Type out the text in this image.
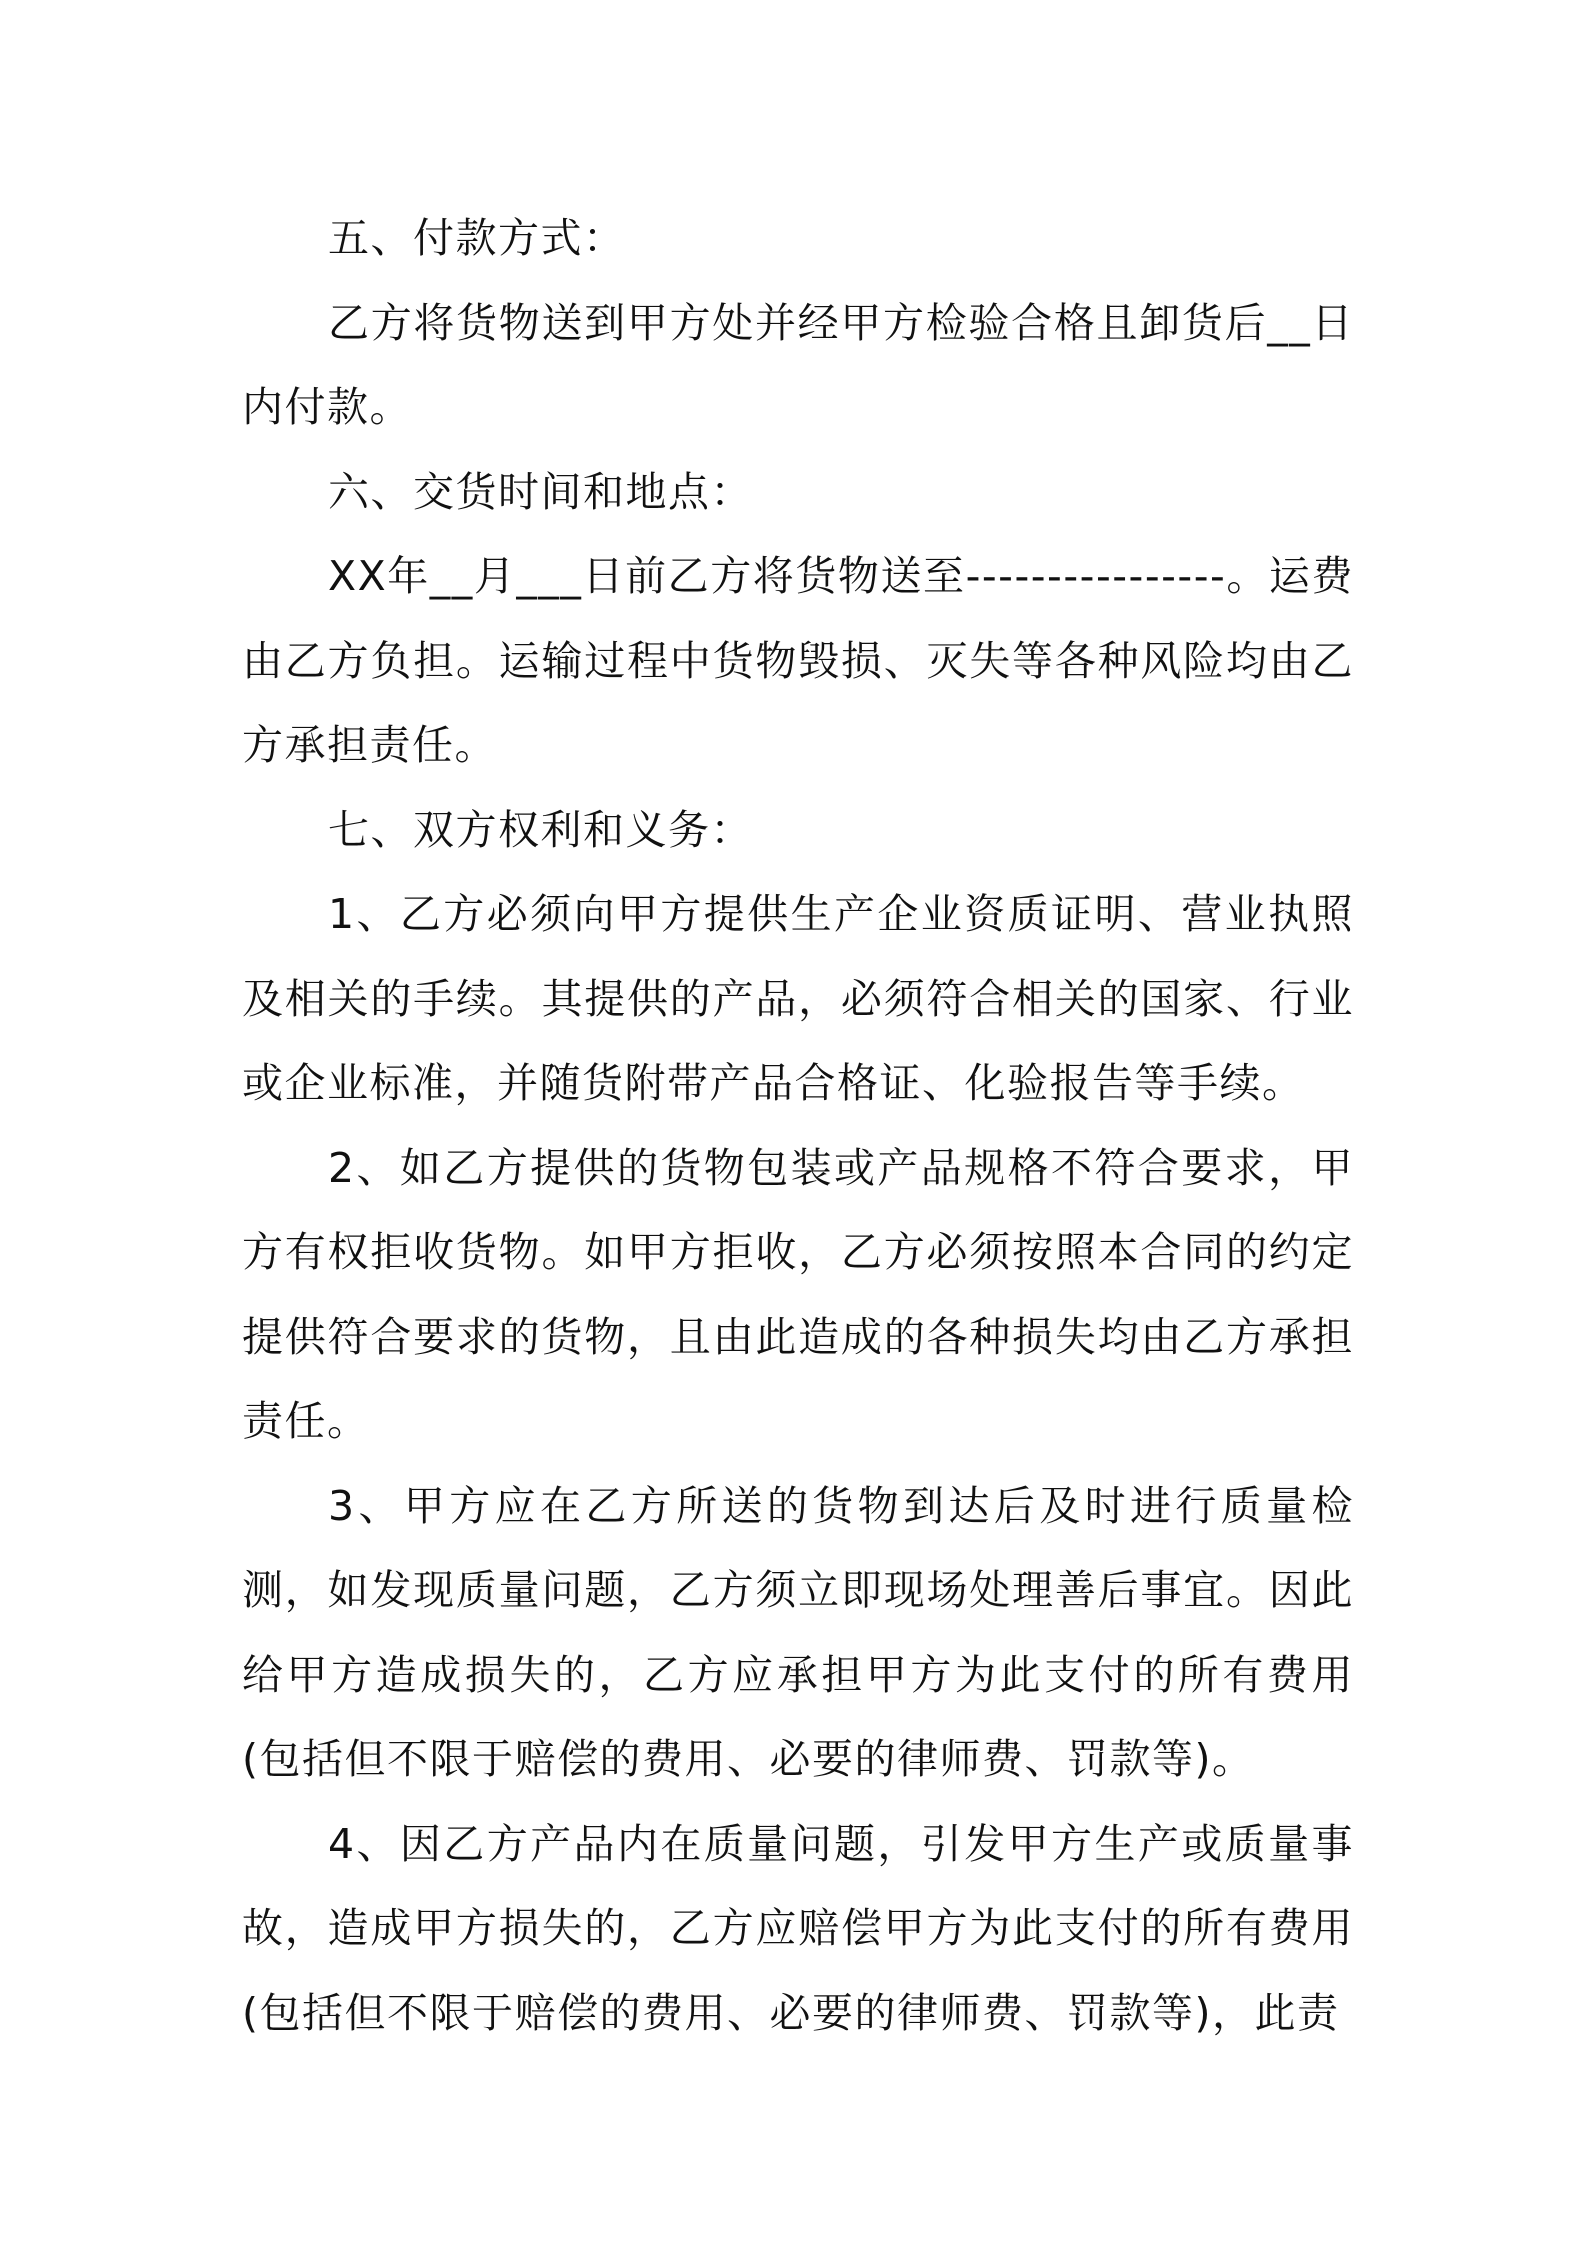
五、付款方式：

乙方将货物送到甲方处并经甲方检验合格且卸货后__日内付款。

六、交货时间和地点：

XX年__月___日前乙方将货物送至----------------。运费由乙方负担。运输过程中货物毁损、灭失等各种风险均由乙方承担责任。

七、双方权利和义务：

1、乙方必须向甲方提供生产企业资质证明、营业执照及相关的手续。其提供的产品，必须符合相关的国家、行业或企业标准，并随货附带产品合格证、化验报告等手续。

2、如乙方提供的货物包装或产品规格不符合要求，甲方有权拒收货物。如甲方拒收，乙方必须按照本合同的约定提供符合要求的货物，且由此造成的各种损失均由乙方承担责任。

3、甲方应在乙方所送的货物到达后及时进行质量检测，如发现质量问题，乙方须立即现场处理善后事宜。因此给甲方造成损失的，乙方应承担甲方为此支付的所有费用(包括但不限于赔偿的费用、必要的律师费、罚款等)。

4、因乙方产品内在质量问题，引发甲方生产或质量事故，造成甲方损失的，乙方应赔偿甲方为此支付的所有费用(包括但不限于赔偿的费用、必要的律师费、罚款等)，此责
